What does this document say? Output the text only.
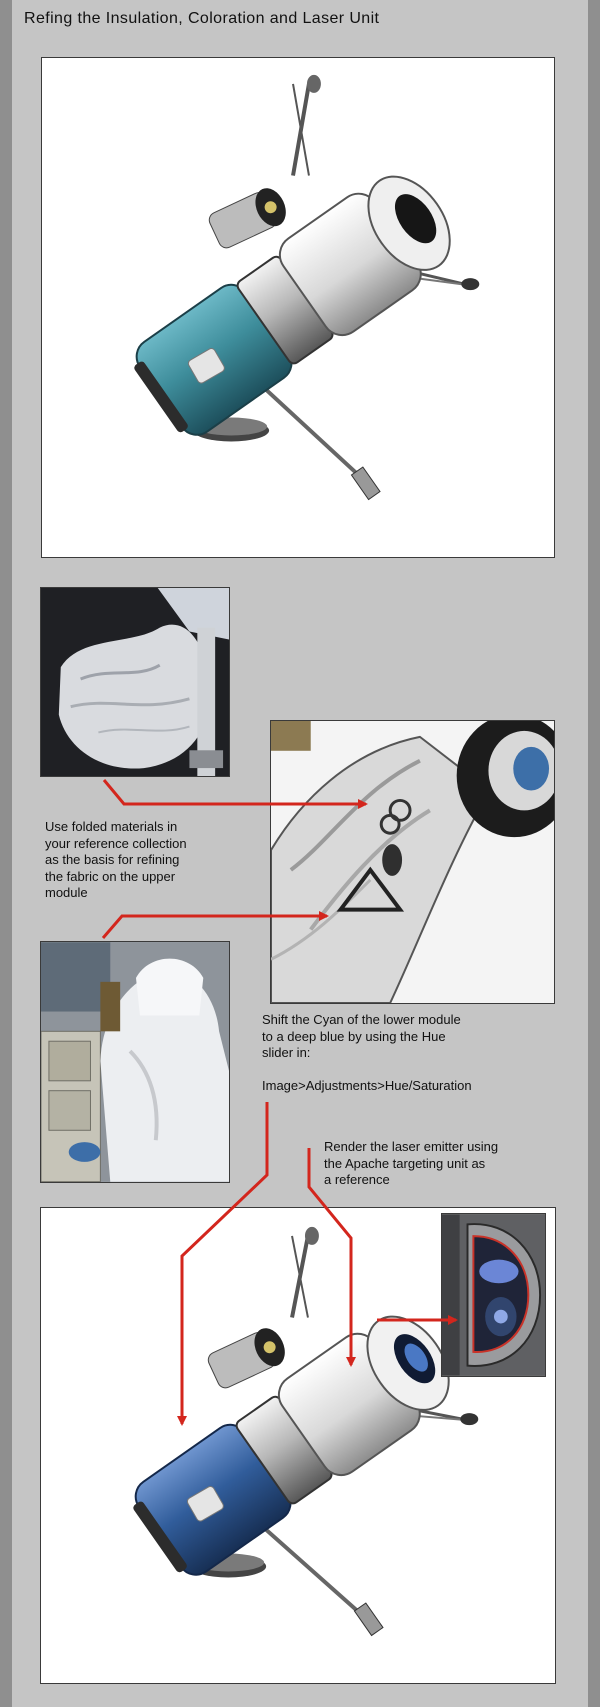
Refing the Insulation, Coloration and Laser Unit

Use folded materials in
your reference collection
as the basis for refining
the fabric on the upper
module

Shift the Cyan of the lower module
to a deep blue by using the Hue
slider in:

Image>Adjustments>Hue/Saturation

Render the laser emitter using
the Apache targeting unit as
a reference
